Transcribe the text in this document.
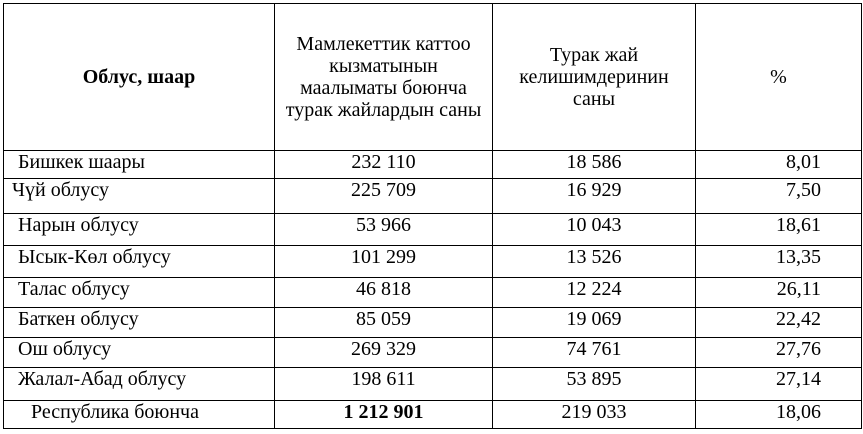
Облус, шаар	Мамлекеттик каттоо кызматынын маалыматы боюнча турак жайлардын саны	Турак жай келишимдеринин саны	%

Бишкек шаары	232 110	18 586	8,01
Чүй облусу	225 709	16 929	7,50
Нарын облусу	53 966	10 043	18,61
Ысык-Көл облусу	101 299	13 526	13,35
Талас облусу	46 818	12 224	26,11
Баткен облусу	85 059	19 069	22,42
Ош облусу	269 329	74 761	27,76
Жалал-Абад облусу	198 611	53 895	27,14
Республика боюнча	1 212 901	219 033	18,06
